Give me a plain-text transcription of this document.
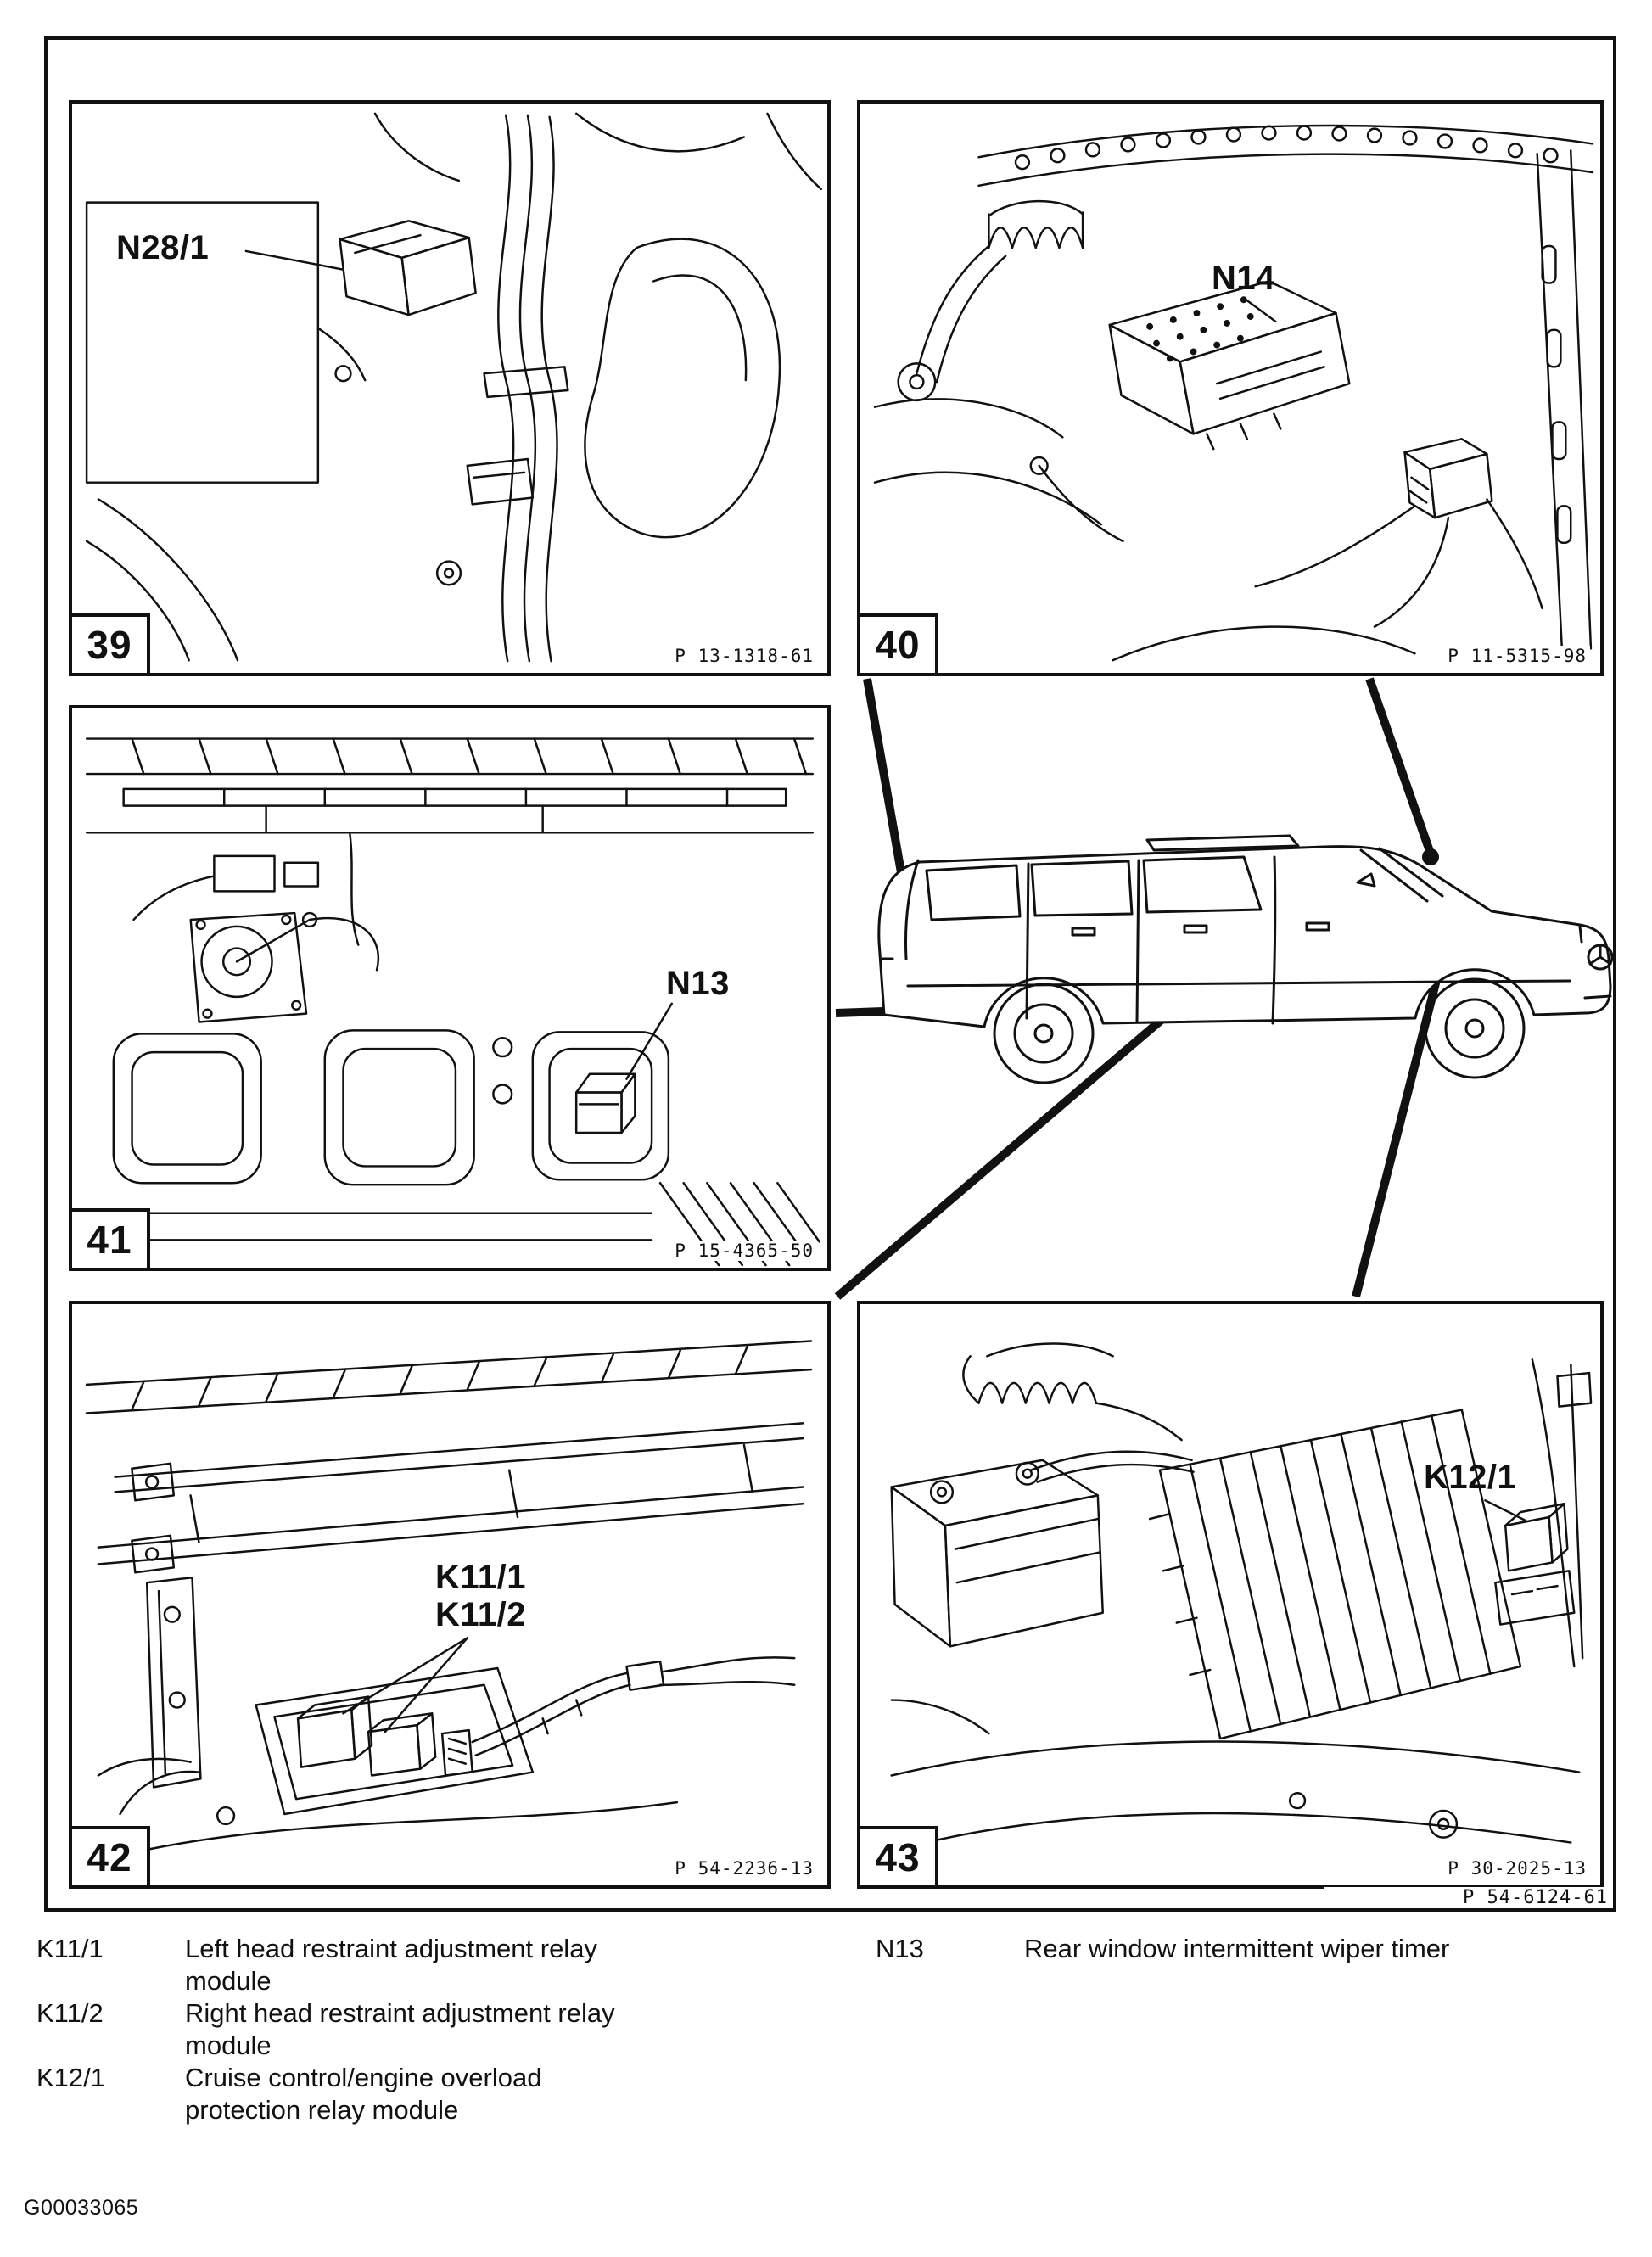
N28/1
39	P 13-1318-61
N14
40	P 11-5315-98
N13
41	P 15-4365-50
K11/1
K11/2
42	P 54-2236-13
K12/1
43	P 30-2025-13
P 54-6124-61
K11/1	Left head restraint adjustment relay
module
K11/2	Right head restraint adjustment relay
module
K12/1	Cruise control/engine overload
protection relay module
N13	Rear window intermittent wiper timer
G00033065
